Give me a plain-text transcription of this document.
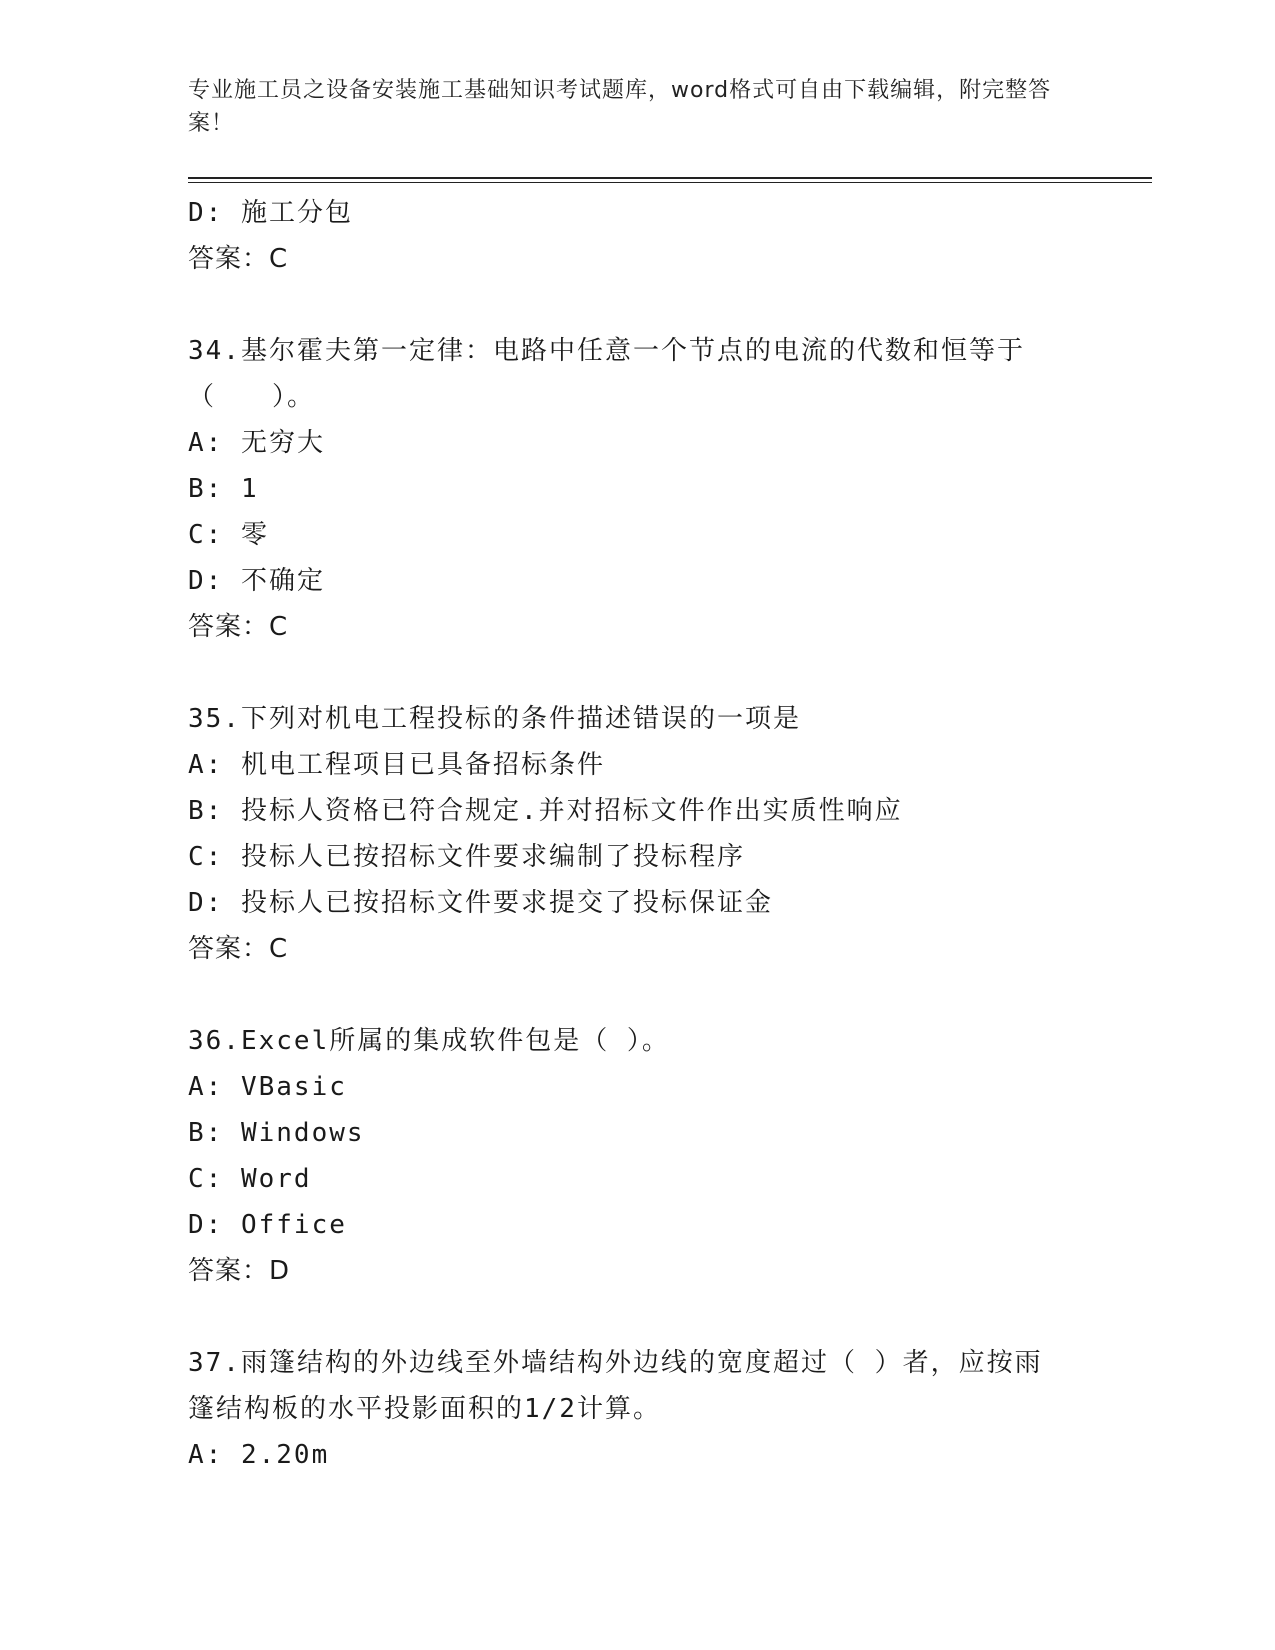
专业施工员之设备安装施工基础知识考试题库，word格式可自由下载编辑，附完整答案！
D: 施工分包
答案：C
34.基尔霍夫第一定律：电路中任意一个节点的电流的代数和恒等于（　　）。
A: 无穷大
B: 1
C: 零
D: 不确定
答案：C
35.下列对机电工程投标的条件描述错误的一项是
A: 机电工程项目已具备招标条件
B: 投标人资格已符合规定.并对招标文件作出实质性响应
C: 投标人已按招标文件要求编制了投标程序
D: 投标人已按招标文件要求提交了投标保证金
答案：C
36.Excel所属的集成软件包是（ ）。
A: VBasic
B: Windows
C: Word
D: Office
答案：D
37.雨篷结构的外边线至外墙结构外边线的宽度超过（ ）者，应按雨篷结构板的水平投影面积的1/2计算。
A: 2.20m
